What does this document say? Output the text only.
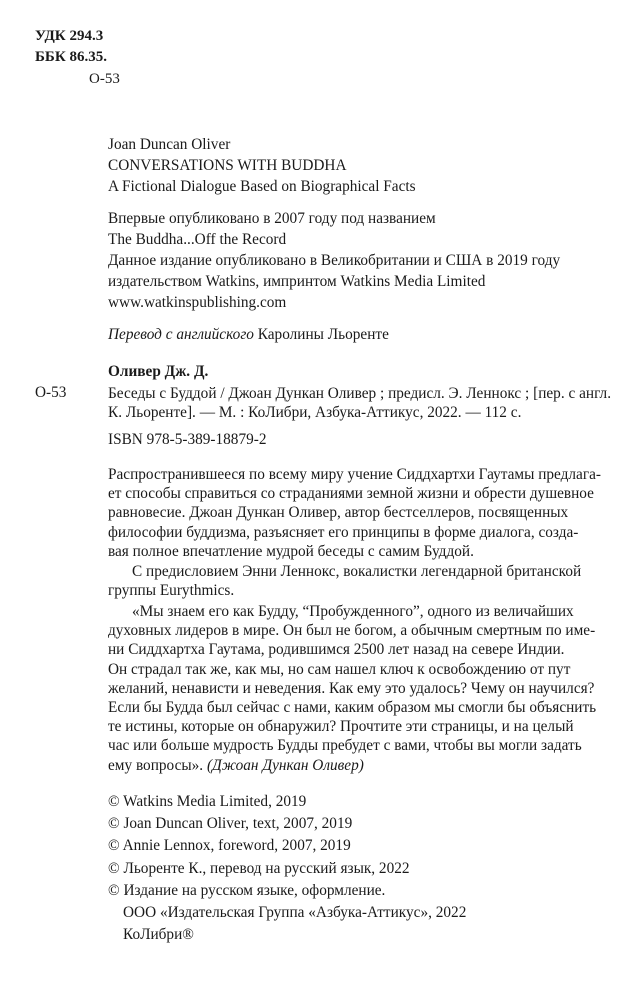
УДК 294.3
ББК 86.35.
О-53
Joan Duncan Oliver
CONVERSATIONS WITH BUDDHA
A Fictional Dialogue Based on Biographical Facts
Впервые опубликовано в 2007 году под названием
The Buddha...Off the Record
Данное издание опубликовано в Великобритании и США в 2019 году
издательством Watkins, импринтом Watkins Media Limited
www.watkinspublishing.com
Перевод с английского Каролины Льоренте
Оливер Дж. Д.
О-53	Беседы с Буддой / Джоан Дункан Оливер ; предисл. Э. Леннокс ; [пер. с англ.
К. Льоренте]. — М. : КоЛибри, Азбука-Аттикус, 2022. — 112 с.
ISBN 978-5-389-18879-2
Распространившееся по всему миру учение Сиддхартхи Гаутамы предлага-
ет способы справиться со страданиями земной жизни и обрести душевное
равновесие. Джоан Дункан Оливер, автор бестселлеров, посвященных
философии буддизма, разъясняет его принципы в форме диалога, созда-
вая полное впечатление мудрой беседы с самим Буддой.
С предисловием Энни Леннокс, вокалистки легендарной британской
группы Eurythmics.
«Мы знаем его как Будду, “Пробужденного”, одного из величайших
духовных лидеров в мире. Он был не богом, а обычным смертным по име-
ни Сиддхартха Гаутама, родившимся 2500 лет назад на севере Индии.
Он страдал так же, как мы, но сам нашел ключ к освобождению от пут
желаний, ненависти и неведения. Как ему это удалось? Чему он научился?
Если бы Будда был сейчас с нами, каким образом мы смогли бы объяснить
те истины, которые он обнаружил? Прочтите эти страницы, и на целый
час или больше мудрость Будды пребудет с вами, чтобы вы могли задать
ему вопросы». (Джоан Дункан Оливер)
© Watkins Media Limited, 2019
© Joan Duncan Oliver, text, 2007, 2019
© Annie Lennox, foreword, 2007, 2019
© Льоренте К., перевод на русский язык, 2022
© Издание на русском языке, оформление.
ООО «Издательская Группа «Азбука-Аттикус», 2022
КоЛибри®
